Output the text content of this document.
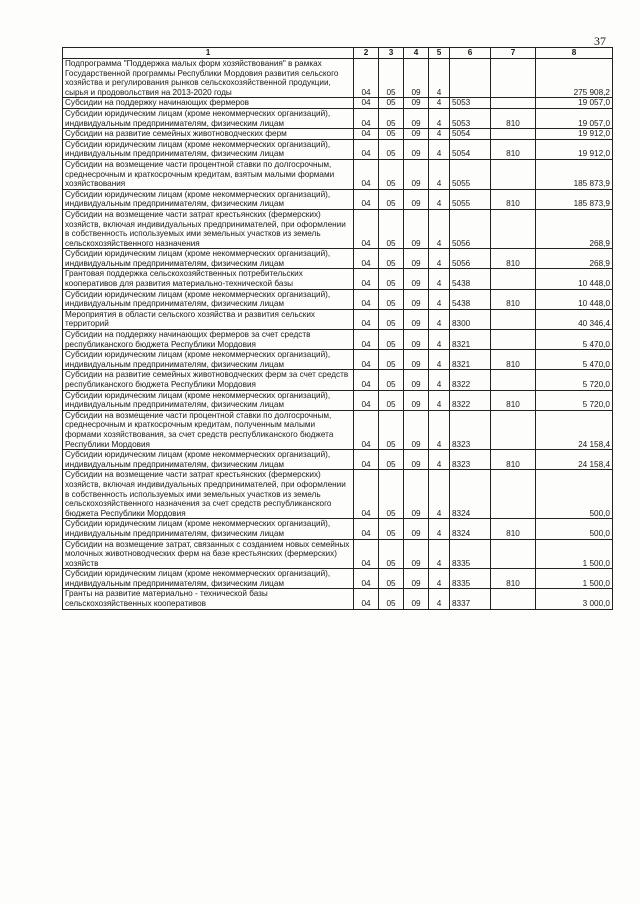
37
1	2	3	4	5	6	7	8
Подпрограмма "Поддержка малых форм хозяйствования" в рамках Государственной программы Республики Мордовия развития сельского хозяйства и регулирования рынков сельскохозяйственной продукции, сырья и продовольствия на 2013-2020 годы	04	05	09	4			275 908,2
Субсидии на поддержку начинающих фермеров	04	05	09	4	5053		19 057,0
Субсидии юридическим лицам (кроме некоммерческих организаций), индивидуальным предпринимателям, физическим лицам	04	05	09	4	5053	810	19 057,0
Субсидии на развитие семейных животноводческих ферм	04	05	09	4	5054		19 912,0
Субсидии юридическим лицам (кроме некоммерческих организаций), индивидуальным предпринимателям, физическим лицам	04	05	09	4	5054	810	19 912,0
Субсидии на возмещение части процентной ставки по долгосрочным, среднесрочным и краткосрочным кредитам, взятым малыми формами хозяйствования	04	05	09	4	5055		185 873,9
Субсидии юридическим лицам (кроме некоммерческих организаций), индивидуальным предпринимателям, физическим лицам	04	05	09	4	5055	810	185 873,9
Субсидии на возмещение части затрат крестьянских (фермерских) хозяйств, включая индивидуальных предпринимателей, при оформлении в собственность используемых ими земельных участков из земель сельскохозяйственного назначения	04	05	09	4	5056		268,9
Субсидии юридическим лицам (кроме некоммерческих организаций), индивидуальным предпринимателям, физическим лицам	04	05	09	4	5056	810	268,9
Грантовая поддержка сельскохозяйственных потребительских кооперативов для развития материально-технической базы	04	05	09	4	5438		10 448,0
Субсидии юридическим лицам (кроме некоммерческих организаций), индивидуальным предпринимателям, физическим лицам	04	05	09	4	5438	810	10 448,0
Мероприятия в области сельского хозяйства и развития сельских территорий	04	05	09	4	8300		40 346,4
Субсидии на поддержку начинающих фермеров за счет средств республиканского бюджета Республики Мордовия	04	05	09	4	8321		5 470,0
Субсидии юридическим лицам (кроме некоммерческих организаций), индивидуальным предпринимателям, физическим лицам	04	05	09	4	8321	810	5 470,0
Субсидии на развитие семейных животноводческих ферм за счет средств республиканского бюджета Республики Мордовия	04	05	09	4	8322		5 720,0
Субсидии юридическим лицам (кроме некоммерческих организаций), индивидуальным предпринимателям, физическим лицам	04	05	09	4	8322	810	5 720,0
Субсидии на возмещение части процентной ставки по долгосрочным, среднесрочным и краткосрочным кредитам, полученным малыми формами хозяйствования, за счет средств республиканского бюджета Республики Мордовия	04	05	09	4	8323		24 158,4
Субсидии юридическим лицам (кроме некоммерческих организаций), индивидуальным предпринимателям, физическим лицам	04	05	09	4	8323	810	24 158,4
Субсидии на возмещение части затрат крестьянских (фермерских) хозяйств, включая индивидуальных предпринимателей, при оформлении в собственность используемых ими земельных участков из земель сельскохозяйственного назначения за счет средств республиканского бюджета Республики Мордовия	04	05	09	4	8324		500,0
Субсидии юридическим лицам (кроме некоммерческих организаций), индивидуальным предпринимателям, физическим лицам	04	05	09	4	8324	810	500,0
Субсидии на возмещение затрат, связанных с созданием новых семейных молочных животноводческих ферм на базе крестьянских (фермерских) хозяйств	04	05	09	4	8335		1 500,0
Субсидии юридическим лицам (кроме некоммерческих организаций), индивидуальным предпринимателям, физическим лицам	04	05	09	4	8335	810	1 500,0
Гранты на развитие материально - технической базы сельскохозяйственных кооперативов	04	05	09	4	8337		3 000,0
